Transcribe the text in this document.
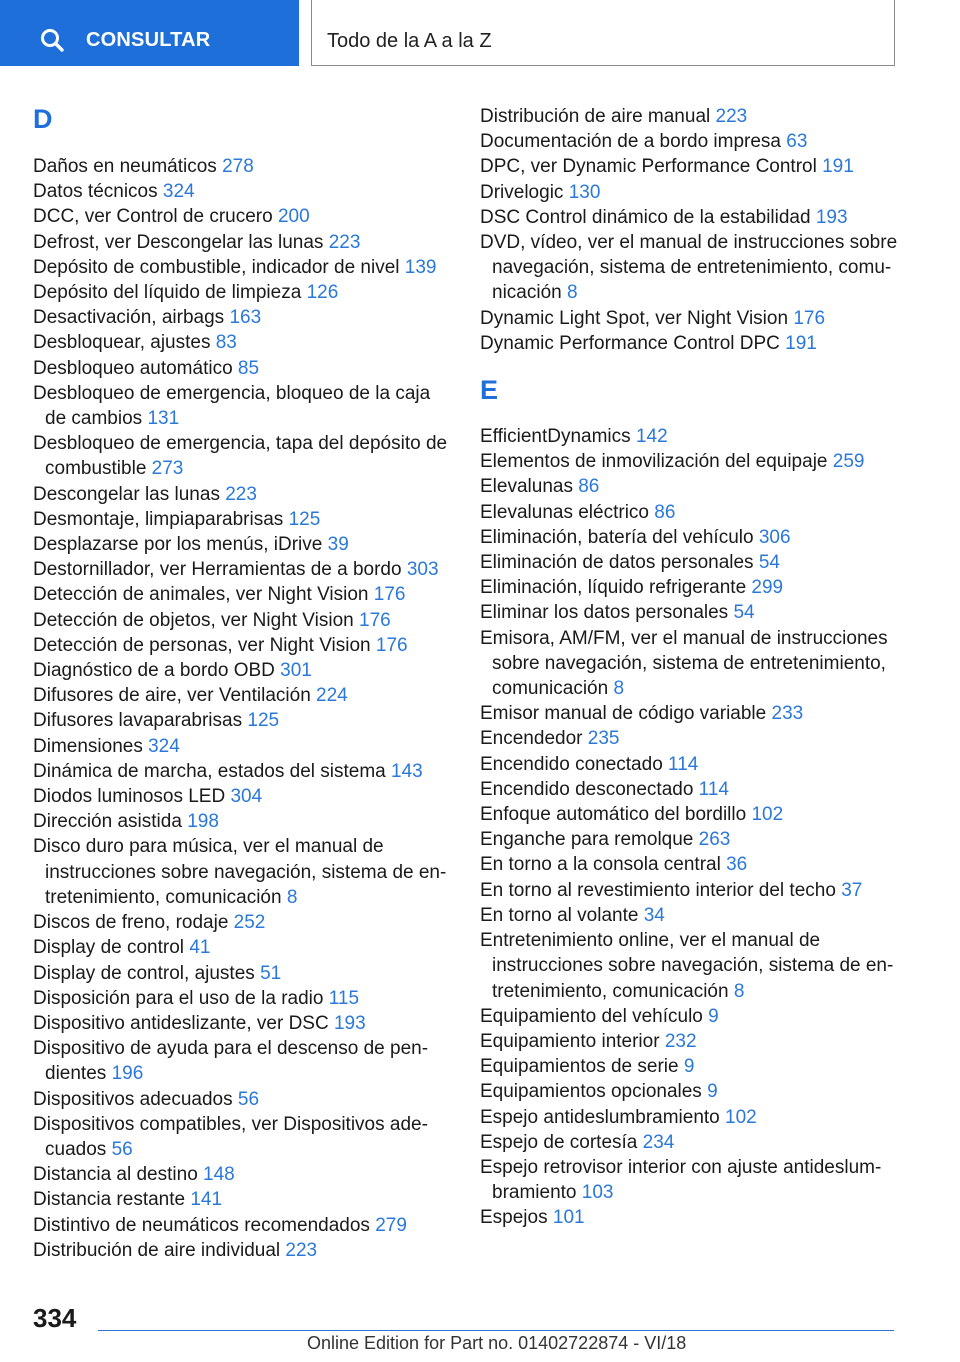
CONSULTAR	Todo de la A a la Z
D
Daños en neumáticos 278
Datos técnicos 324
DCC, ver Control de crucero 200
Defrost, ver Descongelar las lunas 223
Depósito de combustible, indicador de nivel 139
Depósito del líquido de limpieza 126
Desactivación, airbags 163
Desbloquear, ajustes 83
Desbloqueo automático 85
Desbloqueo de emergencia, bloqueo de la caja de cambios 131
Desbloqueo de emergencia, tapa del depósito de combustible 273
Descongelar las lunas 223
Desmontaje, limpiaparabrisas 125
Desplazarse por los menús, iDrive 39
Destornillador, ver Herramientas de a bordo 303
Detección de animales, ver Night Vision 176
Detección de objetos, ver Night Vision 176
Detección de personas, ver Night Vision 176
Diagnóstico de a bordo OBD 301
Difusores de aire, ver Ventilación 224
Difusores lavaparabrisas 125
Dimensiones 324
Dinámica de marcha, estados del sistema 143
Diodos luminosos LED 304
Dirección asistida 198
Disco duro para música, ver el manual de instrucciones sobre navegación, sistema de entretenimiento, comunicación 8
Discos de freno, rodaje 252
Display de control 41
Display de control, ajustes 51
Disposición para el uso de la radio 115
Dispositivo antideslizante, ver DSC 193
Dispositivo de ayuda para el descenso de pendientes 196
Dispositivos adecuados 56
Dispositivos compatibles, ver Dispositivos adecuados 56
Distancia al destino 148
Distancia restante 141
Distintivo de neumáticos recomendados 279
Distribución de aire individual 223
Distribución de aire manual 223
Documentación de a bordo impresa 63
DPC, ver Dynamic Performance Control 191
Drivelogic 130
DSC Control dinámico de la estabilidad 193
DVD, vídeo, ver el manual de instrucciones sobre navegación, sistema de entretenimiento, comunicación 8
Dynamic Light Spot, ver Night Vision 176
Dynamic Performance Control DPC 191
E
EfficientDynamics 142
Elementos de inmovilización del equipaje 259
Elevalunas 86
Elevalunas eléctrico 86
Eliminación, batería del vehículo 306
Eliminación de datos personales 54
Eliminación, líquido refrigerante 299
Eliminar los datos personales 54
Emisora, AM/FM, ver el manual de instrucciones sobre navegación, sistema de entretenimiento, comunicación 8
Emisor manual de código variable 233
Encendedor 235
Encendido conectado 114
Encendido desconectado 114
Enfoque automático del bordillo 102
Enganche para remolque 263
En torno a la consola central 36
En torno al revestimiento interior del techo 37
En torno al volante 34
Entretenimiento online, ver el manual de instrucciones sobre navegación, sistema de entretenimiento, comunicación 8
Equipamiento del vehículo 9
Equipamiento interior 232
Equipamientos de serie 9
Equipamientos opcionales 9
Espejo antideslumbramiento 102
Espejo de cortesía 234
Espejo retrovisor interior con ajuste antideslumbramiento 103
Espejos 101
334
Online Edition for Part no. 01402722874 - VI/18
